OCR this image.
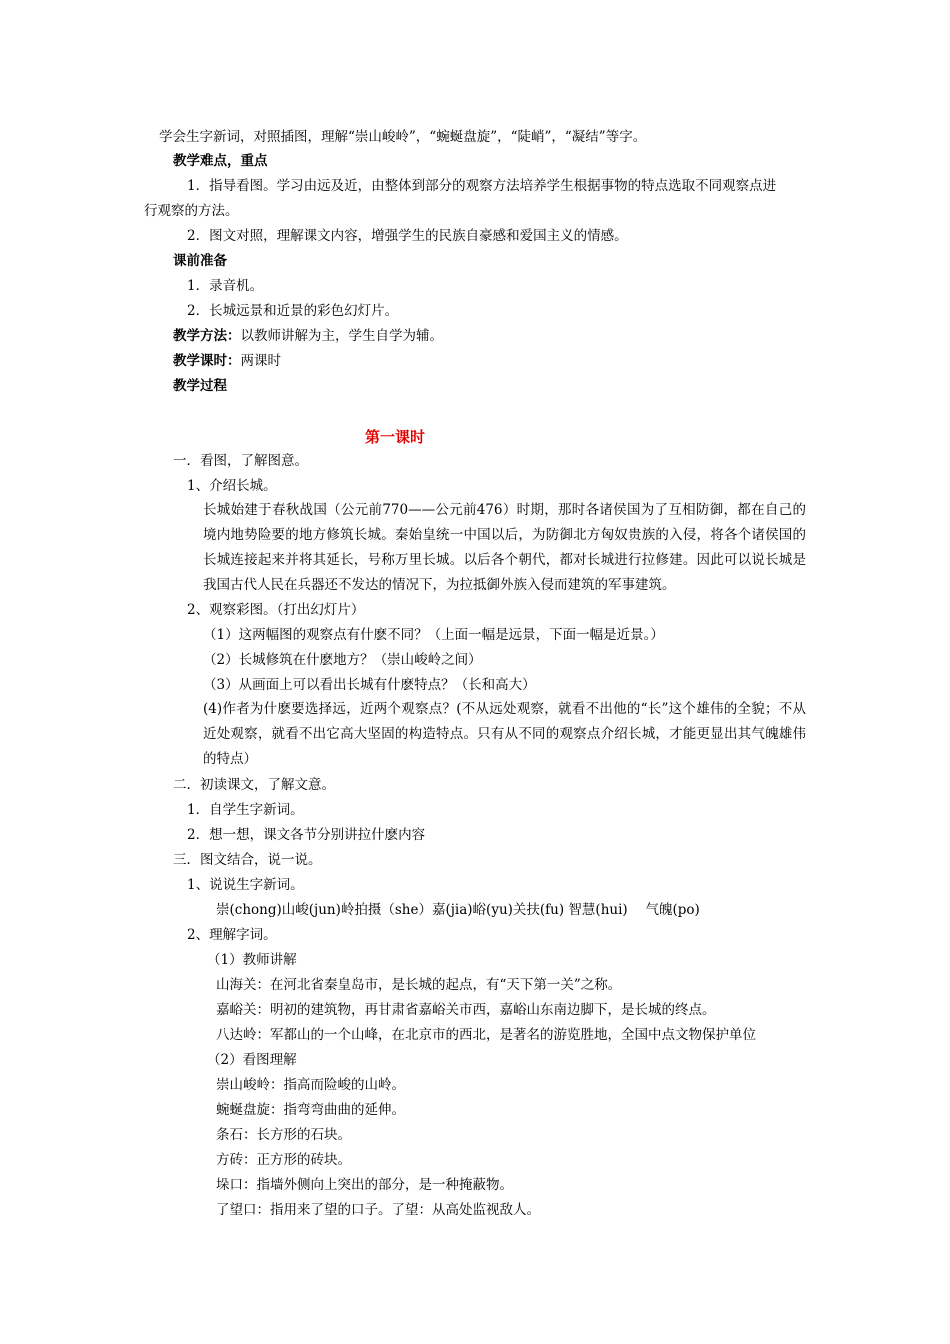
学会生字新词，对照插图，理解“崇山峻岭”，“蜿蜒盘旋”，“陡峭”，“凝结”等字。
教学难点，重点
1．指导看图。学习由远及近，由整体到部分的观察方法培养学生根据事物的特点选取不同观察点进
行观察的方法。
2．图文对照，理解课文内容，增强学生的民族自豪感和爱国主义的情感。
课前准备
1．录音机。
2．长城远景和近景的彩色幻灯片。
教学方法：以教师讲解为主，学生自学为辅。
教学课时：两课时
教学过程
第一课时
一．看图，了解图意。
1、介绍长城。
长城始建于春秋战国（公元前770——公元前476）时期，那时各诸侯国为了互相防御，都在自己的境内地势险要的地方修筑长城。秦始皇统一中国以后，为防御北方匈奴贵族的入侵，将各个诸侯国的长城连接起来并将其延长，号称万里长城。以后各个朝代，都对长城进行拉修建。因此可以说长城是我国古代人民在兵器还不发达的情况下，为拉抵御外族入侵而建筑的军事建筑。
2、观察彩图。（打出幻灯片）
（1）这两幅图的观察点有什麽不同？（上面一幅是远景，下面一幅是近景。）
（2）长城修筑在什麽地方？（崇山峻岭之间）
（3）从画面上可以看出长城有什麽特点？（长和高大）
(4)作者为什麽要选择远，近两个观察点？(不从远处观察，就看不出他的“长”这个雄伟的全貌；不从近处观察，就看不出它高大坚固的构造特点。只有从不同的观察点介绍长城，才能更显出其气魄雄伟的特点）
二．初读课文，了解文意。
1．自学生字新词。
2．想一想，课文各节分别讲拉什麽内容
三．图文结合，说一说。
1、说说生字新词。
崇(chong)山峻(jun)岭拍摄（she）嘉(jia)峪(yu)关扶(fu) 智慧(hui)　 气魄(po)
2、理解字词。
（1）教师讲解
山海关：在河北省秦皇岛市，是长城的起点，有“天下第一关”之称。
嘉峪关：明初的建筑物，再甘肃省嘉峪关市西，嘉峪山东南边脚下，是长城的终点。
八达岭：军都山的一个山峰，在北京市的西北，是著名的游览胜地，全国中点文物保护单位
（2）看图理解
崇山峻岭：指高而险峻的山岭。
蜿蜒盘旋：指弯弯曲曲的延伸。
条石：长方形的石块。
方砖：正方形的砖块。
垛口：指墙外侧向上突出的部分，是一种掩蔽物。
了望口：指用来了望的口子。了望：从高处监视敌人。
